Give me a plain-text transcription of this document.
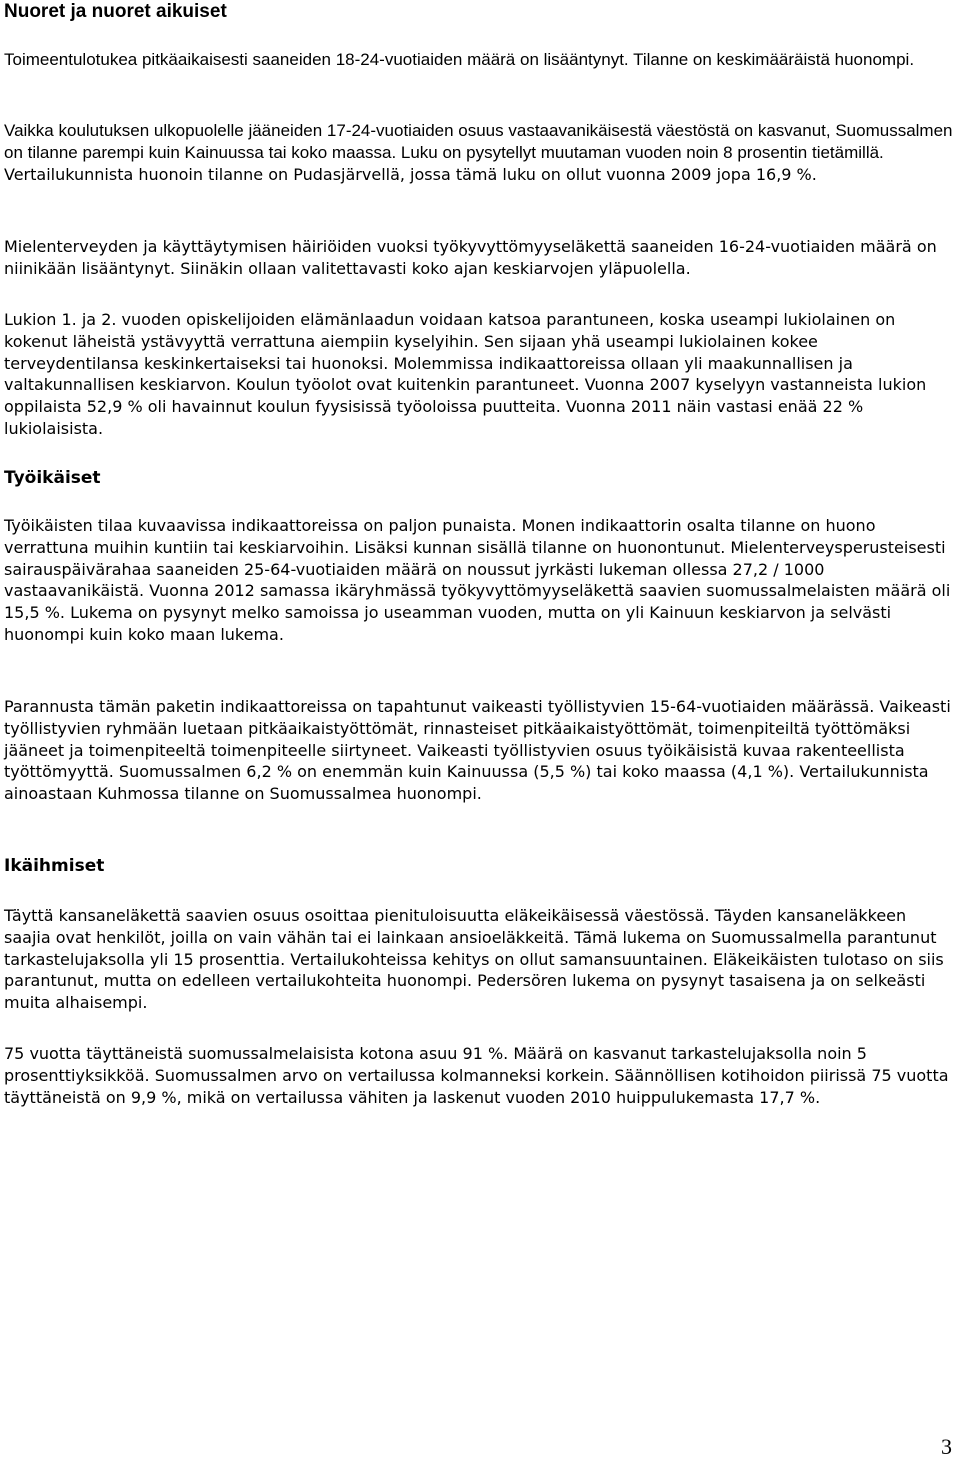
Nuoret ja nuoret aikuiset

Toimeentulotukea pitkäaikaisesti saaneiden 18-24-vuotiaiden määrä on lisääntynyt. Tilanne on keskimääräistä huonompi.

Vaikka koulutuksen ulkopuolelle jääneiden 17-24-vuotiaiden osuus vastaavanikäisestä väestöstä on kasvanut, Suomussalmen on tilanne parempi kuin Kainuussa tai koko maassa. Luku on pysytellyt muutaman vuoden noin 8 prosentin tietämillä. Vertailukunnista huonoin tilanne on Pudasjärvellä, jossa tämä luku on ollut vuonna 2009 jopa 16,9 %.

Mielenterveyden ja käyttäytymisen häiriöiden vuoksi työkyvyttömyyseläkettä saaneiden 16-24-vuotiaiden määrä on niinikään lisääntynyt. Siinäkin ollaan valitettavasti koko ajan keskiarvojen yläpuolella.

Lukion 1. ja 2. vuoden opiskelijoiden elämänlaadun voidaan katsoa parantuneen, koska useampi lukiolainen on kokenut läheistä ystävyyttä verrattuna aiempiin kyselyihin. Sen sijaan yhä useampi lukiolainen kokee terveydentilansa keskinkertaiseksi tai huonoksi. Molemmissa indikaattoreissa ollaan yli maakunnallisen ja valtakunnallisen keskiarvon. Koulun työolot ovat kuitenkin parantuneet. Vuonna 2007 kyselyyn vastanneista lukion oppilaista 52,9 % oli havainnut koulun fyysisissä työoloissa puutteita. Vuonna 2011 näin vastasi enää 22 % lukiolaisista.

Työikäiset

Työikäisten tilaa kuvaavissa indikaattoreissa on paljon punaista. Monen indikaattorin osalta tilanne on huono verrattuna muihin kuntiin tai keskiarvoihin. Lisäksi kunnan sisällä tilanne on huonontunut. Mielenterveysperusteisesti sairauspäivärahaa saaneiden 25-64-vuotiaiden määrä on noussut jyrkästi lukeman ollessa 27,2 / 1000 vastaavanikäistä. Vuonna 2012 samassa ikäryhmässä työkyvyttömyyseläkettä saavien suomussalmelaisten määrä oli 15,5 %. Lukema on pysynyt melko samoissa jo useamman vuoden, mutta on yli Kainuun keskiarvon ja selvästi huonompi kuin koko maan lukema.

Parannusta tämän paketin indikaattoreissa on tapahtunut vaikeasti työllistyvien 15-64-vuotiaiden määrässä. Vaikeasti työllistyvien ryhmään luetaan pitkäaikaistyöttömät, rinnasteiset pitkäaikaistyöttömät, toimenpiteiltä työttömäksi jääneet ja toimenpiteeltä toimenpiteelle siirtyneet. Vaikeasti työllistyvien osuus työikäisistä kuvaa rakenteellista työttömyyttä. Suomussalmen 6,2 % on enemmän kuin Kainuussa (5,5 %) tai koko maassa (4,1 %). Vertailukunnista ainoastaan Kuhmossa tilanne on Suomussalmea huonompi.

Ikäihmiset

Täyttä kansaneläkettä saavien osuus osoittaa pienituloisuutta eläkeikäisessä väestössä. Täyden kansaneläkkeen saajia ovat henkilöt, joilla on vain vähän tai ei lainkaan ansioeläkkeitä. Tämä lukema on Suomussalmella parantunut tarkastelujaksolla yli 15 prosenttia. Vertailukohteissa kehitys on ollut samansuuntainen. Eläkeikäisten tulotaso on siis parantunut, mutta on edelleen vertailukohteita huonompi. Pedersören lukema on pysynyt tasaisena ja on selkeästi muita alhaisempi.

75 vuotta täyttäneistä suomussalmelaisista kotona asuu 91 %. Määrä on kasvanut tarkastelujaksolla noin 5 prosenttiyksikköä. Suomussalmen arvo on vertailussa kolmanneksi korkein. Säännöllisen kotihoidon piirissä 75 vuotta täyttäneistä on 9,9 %, mikä on vertailussa vähiten ja laskenut vuoden 2010 huippulukemasta 17,7 %.

3
